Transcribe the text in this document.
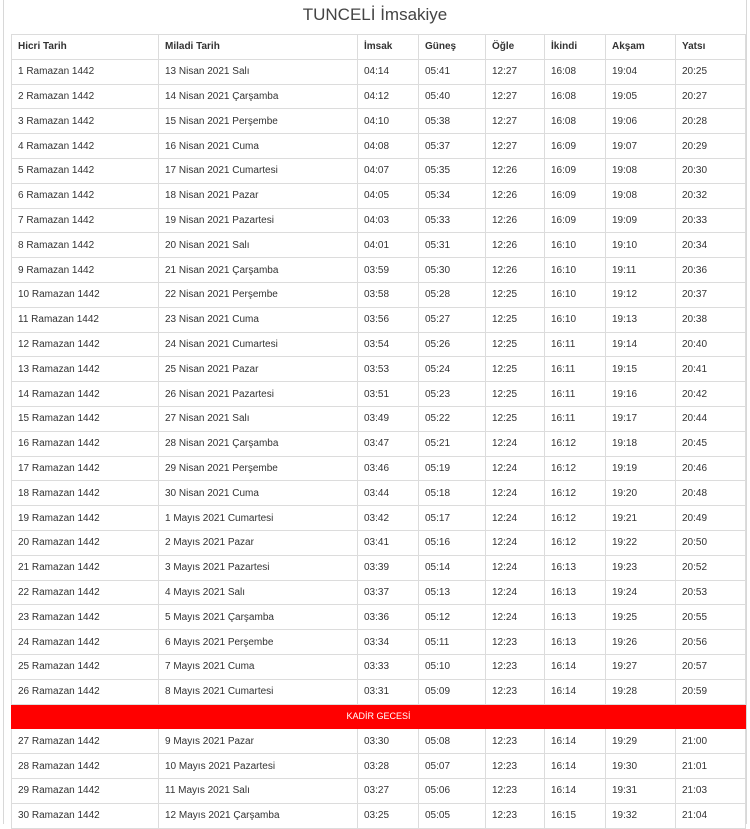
TUNCELİ İmsakiye
Hicri Tarih	Miladi Tarih	İmsak	Güneş	Öğle	İkindi	Akşam	Yatsı
1 Ramazan 1442	13 Nisan 2021 Salı	04:14	05:41	12:27	16:08	19:04	20:25
2 Ramazan 1442	14 Nisan 2021 Çarşamba	04:12	05:40	12:27	16:08	19:05	20:27
3 Ramazan 1442	15 Nisan 2021 Perşembe	04:10	05:38	12:27	16:08	19:06	20:28
4 Ramazan 1442	16 Nisan 2021 Cuma	04:08	05:37	12:27	16:09	19:07	20:29
5 Ramazan 1442	17 Nisan 2021 Cumartesi	04:07	05:35	12:26	16:09	19:08	20:30
6 Ramazan 1442	18 Nisan 2021 Pazar	04:05	05:34	12:26	16:09	19:08	20:32
7 Ramazan 1442	19 Nisan 2021 Pazartesi	04:03	05:33	12:26	16:09	19:09	20:33
8 Ramazan 1442	20 Nisan 2021 Salı	04:01	05:31	12:26	16:10	19:10	20:34
9 Ramazan 1442	21 Nisan 2021 Çarşamba	03:59	05:30	12:26	16:10	19:11	20:36
10 Ramazan 1442	22 Nisan 2021 Perşembe	03:58	05:28	12:25	16:10	19:12	20:37
11 Ramazan 1442	23 Nisan 2021 Cuma	03:56	05:27	12:25	16:10	19:13	20:38
12 Ramazan 1442	24 Nisan 2021 Cumartesi	03:54	05:26	12:25	16:11	19:14	20:40
13 Ramazan 1442	25 Nisan 2021 Pazar	03:53	05:24	12:25	16:11	19:15	20:41
14 Ramazan 1442	26 Nisan 2021 Pazartesi	03:51	05:23	12:25	16:11	19:16	20:42
15 Ramazan 1442	27 Nisan 2021 Salı	03:49	05:22	12:25	16:11	19:17	20:44
16 Ramazan 1442	28 Nisan 2021 Çarşamba	03:47	05:21	12:24	16:12	19:18	20:45
17 Ramazan 1442	29 Nisan 2021 Perşembe	03:46	05:19	12:24	16:12	19:19	20:46
18 Ramazan 1442	30 Nisan 2021 Cuma	03:44	05:18	12:24	16:12	19:20	20:48
19 Ramazan 1442	1 Mayıs 2021 Cumartesi	03:42	05:17	12:24	16:12	19:21	20:49
20 Ramazan 1442	2 Mayıs 2021 Pazar	03:41	05:16	12:24	16:12	19:22	20:50
21 Ramazan 1442	3 Mayıs 2021 Pazartesi	03:39	05:14	12:24	16:13	19:23	20:52
22 Ramazan 1442	4 Mayıs 2021 Salı	03:37	05:13	12:24	16:13	19:24	20:53
23 Ramazan 1442	5 Mayıs 2021 Çarşamba	03:36	05:12	12:24	16:13	19:25	20:55
24 Ramazan 1442	6 Mayıs 2021 Perşembe	03:34	05:11	12:23	16:13	19:26	20:56
25 Ramazan 1442	7 Mayıs 2021 Cuma	03:33	05:10	12:23	16:14	19:27	20:57
26 Ramazan 1442	8 Mayıs 2021 Cumartesi	03:31	05:09	12:23	16:14	19:28	20:59
KADİR GECESİ							
27 Ramazan 1442	9 Mayıs 2021 Pazar	03:30	05:08	12:23	16:14	19:29	21:00
28 Ramazan 1442	10 Mayıs 2021 Pazartesi	03:28	05:07	12:23	16:14	19:30	21:01
29 Ramazan 1442	11 Mayıs 2021 Salı	03:27	05:06	12:23	16:14	19:31	21:03
30 Ramazan 1442	12 Mayıs 2021 Çarşamba	03:25	05:05	12:23	16:15	19:32	21:04
